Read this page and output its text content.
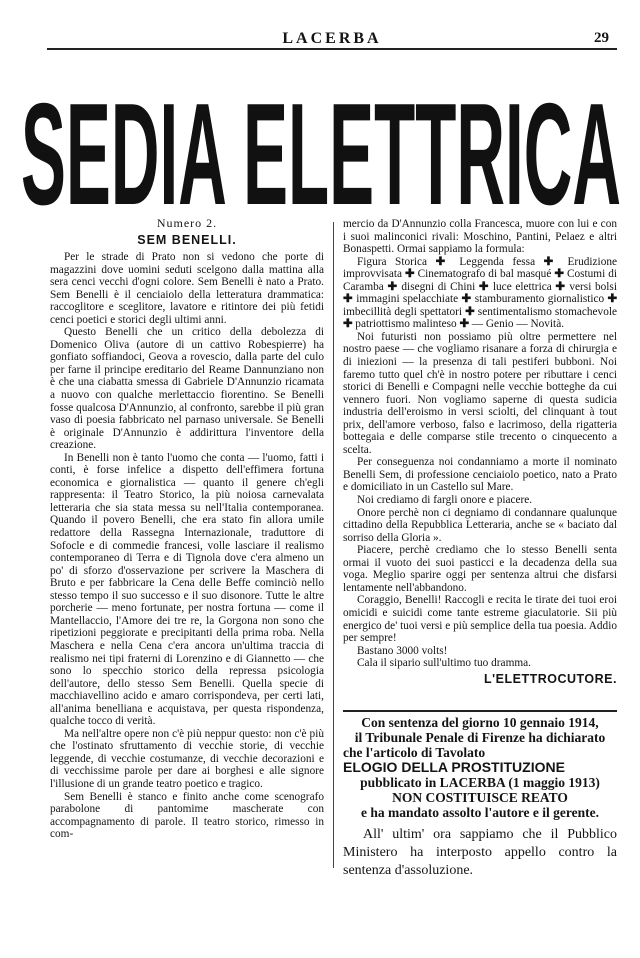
LACERBA	29
SEDIA ELETTRICA
Numero 2.
SEM BENELLI.

Per le strade di Prato non si vedono che porte di magazzini dove uomini seduti scelgono dalla mattina alla sera cenci vecchi d'ogni colore. Sem Benelli è nato a Prato. Sem Benelli è il cenciaiolo della letteratura drammatica: raccoglitore e sceglitore, lavatore e ritintore dei più fetidi cenci poetici e storici degli ultimi anni.

Questo Benelli che un critico della debolezza di Domenico Oliva (autore di un cattivo Robespierre) ha gonfiato soffiandoci, Geova a rovescio, dalla parte del culo per farne il principe ereditario del Reame Dannunziano non è che una ciabatta smessa di Gabriele D'Annunzio ricamata a nuovo con qualche merlettaccio fiorentino. Se Benelli fosse qualcosa D'Annunzio, al confronto, sarebbe il più gran vaso di poesia fabbricato nel parnaso universale. Se Benelli è originale D'Annunzio è addirittura l'inventore della creazione.

In Benelli non è tanto l'uomo che conta — l'uomo, fatti i conti, è forse infelice a dispetto dell'effimera fortuna economica e giornalistica — quanto il genere ch'egli rappresenta: il Teatro Storico, la più noiosa carnevalata letteraria che sia stata messa su nell'Italia contemporanea. Quando il povero Benelli, che era stato fin allora umile redattore della Rassegna Internazionale, traduttore di Sofocle e di commedie francesi, volle lasciare il realismo contemporaneo di Terra e di Tignola dove c'era almeno un po' di sforzo d'osservazione per scrivere la Maschera di Bruto e per fabbricare la Cena delle Beffe cominciò nello stesso tempo il suo successo e il suo disonore. Tutte le altre porcherie — meno fortunate, per nostra fortuna — come il Mantellaccio, l'Amore dei tre re, la Gorgona non sono che ripetizioni peggiorate e precipitanti della prima roba. Nella Maschera e nella Cena c'era ancora un'ultima traccia di realismo nei tipi fraterni di Lorenzino e di Giannetto — che sono lo specchio storico della repressa psicologia dell'autore, dello stesso Sem Benelli. Quella specie di macchiavellino acido e amaro corrispondeva, per certi lati, all'anima benelliana e acquistava, per questa rispondenza, qualche tocco di verità.

Ma nell'altre opere non c'è più neppur questo: non c'è più che l'ostinato sfruttamento di vecchie storie, di vecchie leggende, di vecchie costumanze, di vecchie decorazioni e di vecchissime parole per dare ai borghesi e alle signore l'illusione di un grande teatro poetico e tragico.

Sem Benelli è stanco e finito anche come scenografo parabolone di pantomime mascherate con accompagnamento di parole. Il teatro storico, rimesso in com-

mercio da D'Annunzio colla Francesca, muore con lui e con i suoi malinconici rivali: Moschino, Pantini, Pelaez e altri Bonaspetti. Ormai sappiamo la formula:

Figura Storica ✚ Leggenda fessa ✚ Erudizione improvvisata ✚ Cinematografo di bal masqué ✚ Costumi di Caramba ✚ disegni di Chini ✚ luce elettrica ✚ versi bolsi ✚ immagini spelacchiate ✚ stamburamento giornalistico ✚ imbecillità degli spettatori ✚ sentimentalismo stomachevole ✚ patriottismo malinteso ✚ — Genio — Novità.

Noi futuristi non possiamo più oltre permettere nel nostro paese — che vogliamo risanare a forza di chirurgia e di iniezioni — la presenza di tali pestiferi bubboni. Noi faremo tutto quel ch'è in nostro potere per ributtare i cenci storici di Benelli e Compagni nelle vecchie botteghe da cui vennero fuori. Non vogliamo saperne di questa sudicia industria dell'eroismo in versi sciolti, del clinquant à tout prix, dell'amore verboso, falso e lacrimoso, della rigatteria bottegaia e delle comparse stile trecento o cinquecento a scelta.

Per conseguenza noi condanniamo a morte il nominato Benelli Sem, di professione cenciaiolo poetico, nato a Prato e domiciliato in un Castello sul Mare.

Noi crediamo di fargli onore e piacere.

Onore perchè non ci degniamo di condannare qualunque cittadino della Repubblica Letteraria, anche se « baciato dal sorriso della Gloria ».

Piacere, perchè crediamo che lo stesso Benelli senta ormai il vuoto dei suoi pasticci e la decadenza della sua voga. Meglio sparire oggi per sentenza altrui che disfarsi lentamente nell'abbandono.

Coraggio, Benelli! Raccogli e recita le tirate dei tuoi eroi omicidi e suicidi come tante estreme giaculatorie. Sii più energico de' tuoi versi e più semplice della tua poesia. Addio per sempre!

Bastano 3000 volts!

Cala il sipario sull'ultimo tuo dramma.

L'ELETTROCUTORE.

Con sentenza del giorno 10 gennaio 1914,

il Tribunale Penale di Firenze ha dichiarato

che l'articolo di Tavolato

ELOGIO DELLA PROSTITUZIONE

pubblicato in LACERBA (1 maggio 1913)

NON COSTITUISCE REATO

e ha mandato assolto l'autore e il gerente.

All' ultim' ora sappiamo che il Pubblico Ministero ha interposto appello contro la sentenza d'assoluzione.
